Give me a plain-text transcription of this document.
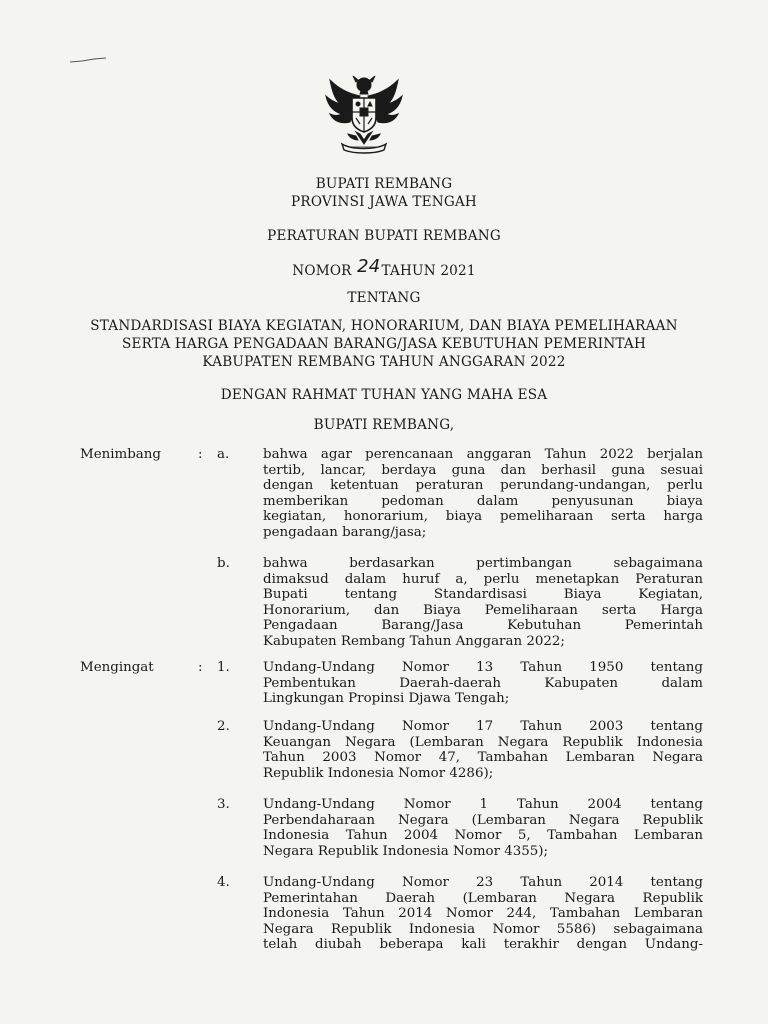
BUPATI REMBANG
PROVINSI JAWA TENGAH
PERATURAN BUPATI REMBANG
NOMOR 24TAHUN 2021
TENTANG
STANDARDISASI BIAYA KEGIATAN, HONORARIUM, DAN BIAYA PEMELIHARAAN
SERTA HARGA PENGADAAN BARANG/JASA KEBUTUHAN PEMERINTAH
KABUPATEN REMBANG TAHUN ANGGARAN 2022
DENGAN RAHMAT TUHAN YANG MAHA ESA
BUPATI REMBANG,
Menimbang	: a.	bahwa agar perencanaan anggaran Tahun 2022 berjalan
tertib, lancar, berdaya guna dan berhasil guna sesuai
dengan ketentuan peraturan perundang-undangan, perlu
memberikan pedoman dalam penyusunan biaya
kegiatan, honorarium, biaya pemeliharaan serta harga
pengadaan barang/jasa;
b. bahwa berdasarkan pertimbangan sebagaimana
dimaksud dalam huruf a, perlu menetapkan Peraturan
Bupati tentang Standardisasi Biaya Kegiatan,
Honorarium, dan Biaya Pemeliharaan serta Harga
Pengadaan Barang/Jasa Kebutuhan Pemerintah
Kabupaten Rembang Tahun Anggaran 2022;
Mengingat	: 1. Undang-Undang Nomor 13 Tahun 1950 tentang
Pembentukan Daerah-daerah Kabupaten dalam
Lingkungan Propinsi Djawa Tengah;
2. Undang-Undang Nomor 17 Tahun 2003 tentang
Keuangan Negara (Lembaran Negara Republik Indonesia
Tahun 2003 Nomor 47, Tambahan Lembaran Negara
Republik Indonesia Nomor 4286);
3. Undang-Undang Nomor 1 Tahun 2004 tentang
Perbendaharaan Negara (Lembaran Negara Republik
Indonesia Tahun 2004 Nomor 5, Tambahan Lembaran
Negara Republik Indonesia Nomor 4355);
4. Undang-Undang Nomor 23 Tahun 2014 tentang
Pemerintahan Daerah (Lembaran Negara Republik
Indonesia Tahun 2014 Nomor 244, Tambahan Lembaran
Negara Republik Indonesia Nomor 5586) sebagaimana
telah diubah beberapa kali terakhir dengan Undang-
